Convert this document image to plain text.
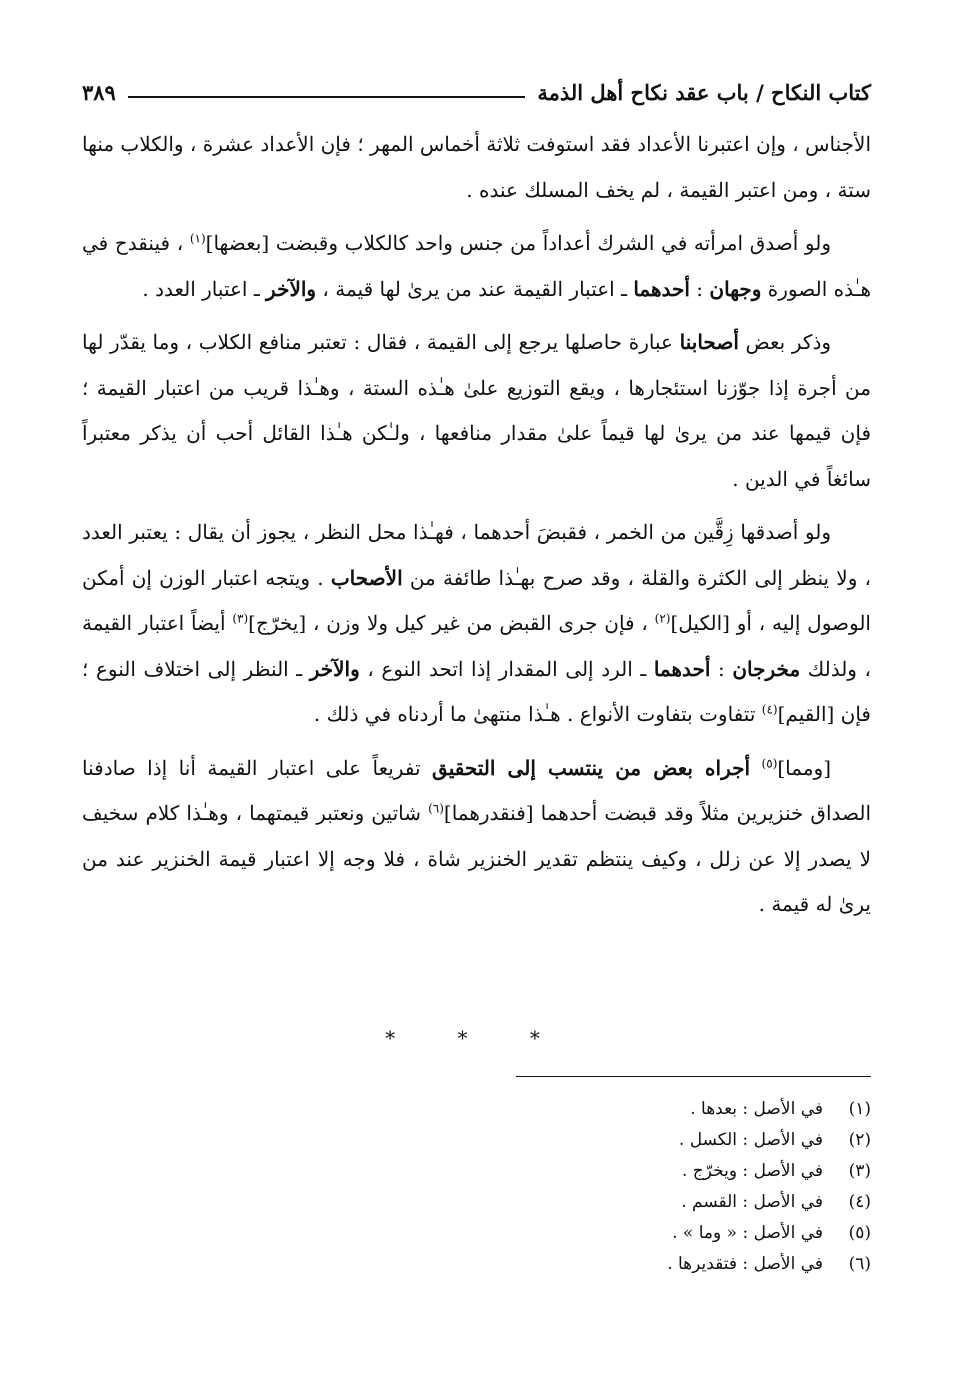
كتاب النكاح / باب عقد نكاح أهل الذمة
٣٨٩

الأجناس ، وإن اعتبرنا الأعداد فقد استوفت ثلاثة أخماس المهر ؛ فإن الأعداد عشرة ، والكلاب منها ستة ، ومن اعتبر القيمة ، لم يخف المسلك عنده .

ولو أصدق امرأته في الشرك أعداداً من جنس واحد كالكلاب وقبضت [بعضها]$^{(١)}$ ، فينقدح في هـٰذه الصورة وجهان : أحدهما ـ اعتبار القيمة عند من يرىٰ لها قيمة ، والآخر ـ اعتبار العدد .

وذكر بعض أصحابنا عبارة حاصلها يرجع إلى القيمة ، فقال : تعتبر منافع الكلاب ، وما يقدّر لها من أجرة إذا جوّزنا استئجارها ، ويقع التوزيع علىٰ هـٰذه الستة ، وهـٰذا قريب من اعتبار القيمة ؛ فإن قيمها عند من يرىٰ لها قيماً علىٰ مقدار منافعها ، ولـٰكن هـٰذا القائل أحب أن يذكر معتبراً سائغاً في الدين .

ولو أصدقها زِقَّين من الخمر ، فقبضَ أحدهما ، فهـٰذا محل النظر ، يجوز أن يقال : يعتبر العدد ، ولا ينظر إلى الكثرة والقلة ، وقد صرح بهـٰذا طائفة من الأصحاب . ويتجه اعتبار الوزن إن أمكن الوصول إليه ، أو [الكيل]$^{(٢)}$ ، فإن جرى القبض من غير كيل ولا وزن ، [يخرّج]$^{(٣)}$ أيضاً اعتبار القيمة ، ولذلك مخرجان : أحدهما ـ الرد إلى المقدار إذا اتحد النوع ، والآخر ـ النظر إلى اختلاف النوع ؛ فإن [القيم]$^{(٤)}$ تتفاوت بتفاوت الأنواع . هـٰذا منتهىٰ ما أردناه في ذلك .

[ومما]$^{(٥)}$ أجراه بعض من ينتسب إلى التحقيق تفريعاً على اعتبار القيمة أنا إذا صادفنا الصداق خنزيرين مثلاً وقد قبضت أحدهما [فنقدرهما]$^{(٦)}$ شاتين ونعتبر قيمتهما ، وهـٰذا كلام سخيف لا يصدر إلا عن زلل ، وكيف ينتظم تقدير الخنزير شاة ، فلا وجه إلا اعتبار قيمة الخنزير عند من يرىٰ له قيمة .

* * *
(١)
في الأصل : بعدها .
(٢)
في الأصل : الكسل .
(٣)
في الأصل : ويخرّج .
(٤)
في الأصل : القسم .
(٥)
في الأصل : « وما » .
(٦)
في الأصل : فتقديرها .
